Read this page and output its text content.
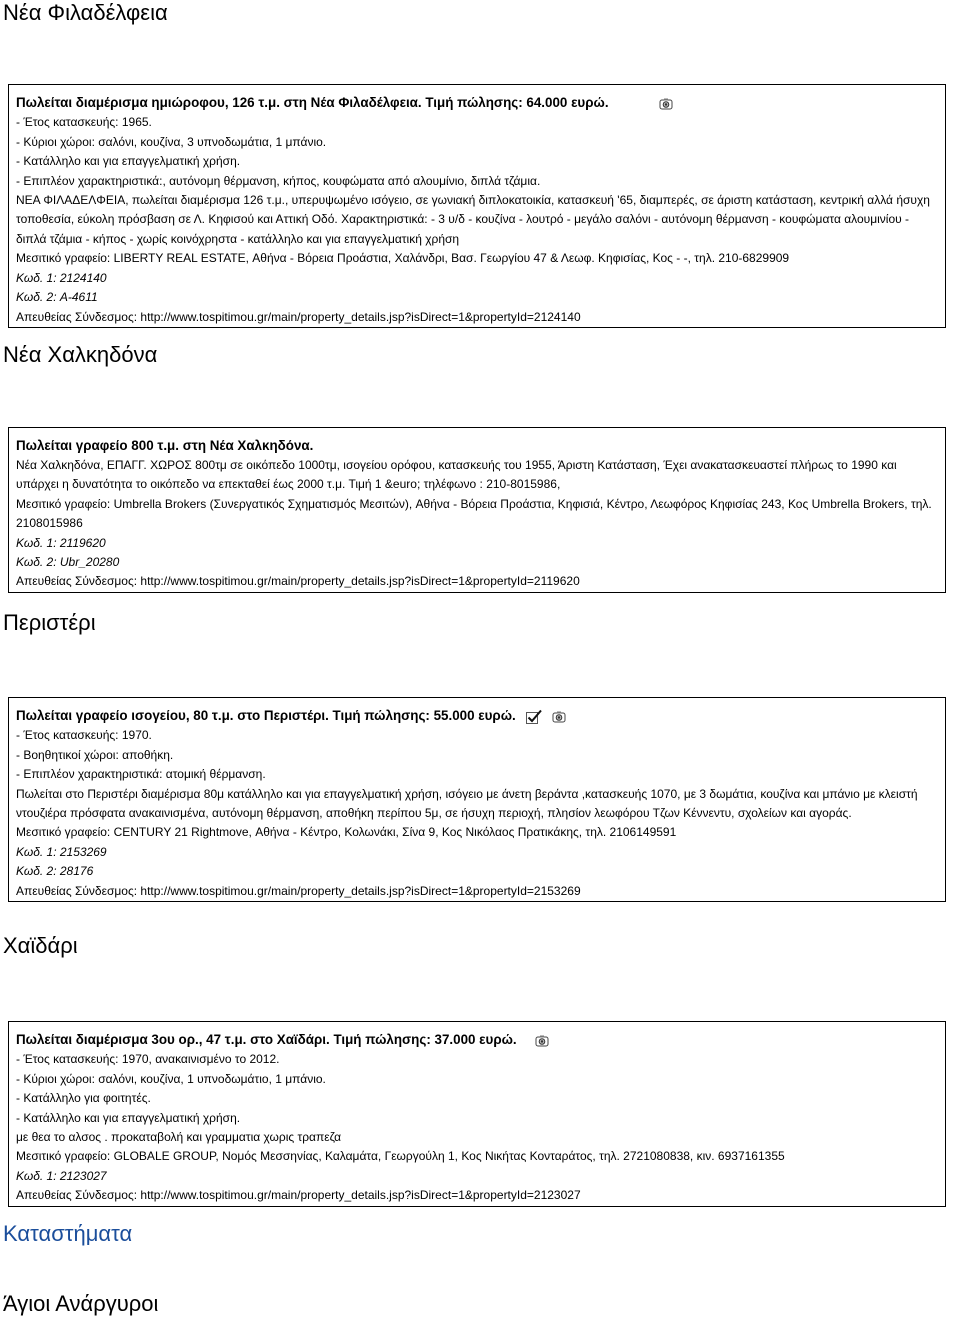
Νέα Φιλαδέλφεια
Πωλείται διαμέρισμα ημιώροφου, 126 τ.μ. στη Νέα Φιλαδέλφεια. Τιμή πώλησης: 64.000 ευρώ.
- Έτος κατασκευής: 1965.
- Κύριοι χώροι: σαλόνι, κουζίνα, 3 υπνοδωμάτια, 1 μπάνιο.
- Κατάλληλο και για επαγγελματική χρήση.
- Επιπλέον χαρακτηριστικά:, αυτόνομη θέρμανση, κήπος, κουφώματα από αλουμίνιο, διπλά τζάμια.
ΝΕΑ ΦΙΛΑΔΕΛΦΕΙΑ, πωλείται διαμέρισμα 126 τ.μ., υπερυψωμένο ισόγειο, σε γωνιακή διπλοκατοικία, κατασκευή '65, διαμπερές, σε άριστη κατάσταση, κεντρική αλλά ήσυχη τοποθεσία, εύκολη πρόσβαση σε Λ. Κηφισού και Αττική Οδό. Χαρακτηριστικά: - 3 υ/δ - κουζίνα - λουτρό - μεγάλο σαλόνι - αυτόνομη θέρμανση - κουφώματα αλουμινίου - διπλά τζάμια - κήπος - χωρίς κοινόχρηστα - κατάλληλο και για επαγγελματική χρήση
Μεσιτικό γραφείο: LIBERTY REAL ESTATE, Αθήνα - Βόρεια Προάστια, Χαλάνδρι, Βασ. Γεωργίου 47 & Λεωφ. Κηφισίας, Κος - -, τηλ. 210-6829909
Κωδ. 1: 2124140
Κωδ. 2: A-4611
Απευθείας Σύνδεσμος: http://www.tospitimou.gr/main/property_details.jsp?isDirect=1&propertyId=2124140
Νέα Χαλκηδόνα
Πωλείται γραφείο 800 τ.μ. στη Νέα Χαλκηδόνα.
Νέα Χαλκηδόνα, ΕΠΑΓΓ. ΧΩΡΟΣ 800τμ σε οικόπεδο 1000τμ, ισογείου ορόφου, κατασκευής του 1955, Άριστη Κατάσταση, Έχει ανακατασκευαστεί πλήρως το 1990 και υπάρχει η δυνατότητα το οικόπεδο να επεκταθεί έως 2000 τ.μ. Τιμή 1 &euro; τηλέφωνο : 210-8015986,
Μεσιτικό γραφείο: Umbrella Brokers (Συνεργατικός Σχηματισμός Μεσιτών), Αθήνα - Βόρεια Προάστια, Κηφισιά, Κέντρο, Λεωφόρος Κηφισίας 243, Κος Umbrella Brokers, τηλ. 2108015986
Κωδ. 1: 2119620
Κωδ. 2: Ubr_20280
Απευθείας Σύνδεσμος: http://www.tospitimou.gr/main/property_details.jsp?isDirect=1&propertyId=2119620
Περιστέρι
Πωλείται γραφείο ισογείου, 80 τ.μ. στο Περιστέρι. Τιμή πώλησης: 55.000 ευρώ.
- Έτος κατασκευής: 1970.
- Βοηθητικοί χώροι: αποθήκη.
- Επιπλέον χαρακτηριστικά: ατομική θέρμανση.
Πωλείται στο Περιστέρι διαμέρισμα 80μ κατάλληλο και για επαγγελματική χρήση, ισόγειο με άνετη βεράντα ,κατασκευής 1070, με 3 δωμάτια, κουζίνα και μπάνιο με κλειστή ντουζιέρα πρόσφατα ανακαινισμένα, αυτόνομη θέρμανση, αποθήκη περίπου 5μ, σε ήσυχη περιοχή, πλησίον λεωφόρου Τζων Κέννεντυ, σχολείων και αγοράς.
Μεσιτικό γραφείο: CENTURY 21 Rightmove, Αθήνα - Κέντρο, Κολωνάκι, Σίνα 9, Κος Νικόλαος Πρατικάκης, τηλ. 2106149591
Κωδ. 1: 2153269
Κωδ. 2: 28176
Απευθείας Σύνδεσμος: http://www.tospitimou.gr/main/property_details.jsp?isDirect=1&propertyId=2153269
Χαϊδάρι
Πωλείται διαμέρισμα 3ου ορ., 47 τ.μ. στο Χαϊδάρι. Τιμή πώλησης: 37.000 ευρώ.
- Έτος κατασκευής: 1970, ανακαινισμένο το 2012.
- Κύριοι χώροι: σαλόνι, κουζίνα, 1 υπνοδωμάτιο, 1 μπάνιο.
- Κατάλληλο για φοιτητές.
- Κατάλληλο και για επαγγελματική χρήση.
με θεα το αλσος . προκαταβολή και γραμματια χωρις τραπεζα
Μεσιτικό γραφείο: GLOBALE GROUP, Νομός Μεσσηνίας, Καλαμάτα, Γεωργούλη 1, Κος Νικήτας Κονταράτος, τηλ. 2721080838, κιν. 6937161355
Κωδ. 1: 2123027
Απευθείας Σύνδεσμος: http://www.tospitimou.gr/main/property_details.jsp?isDirect=1&propertyId=2123027
Καταστήματα
Άγιοι Ανάργυροι
